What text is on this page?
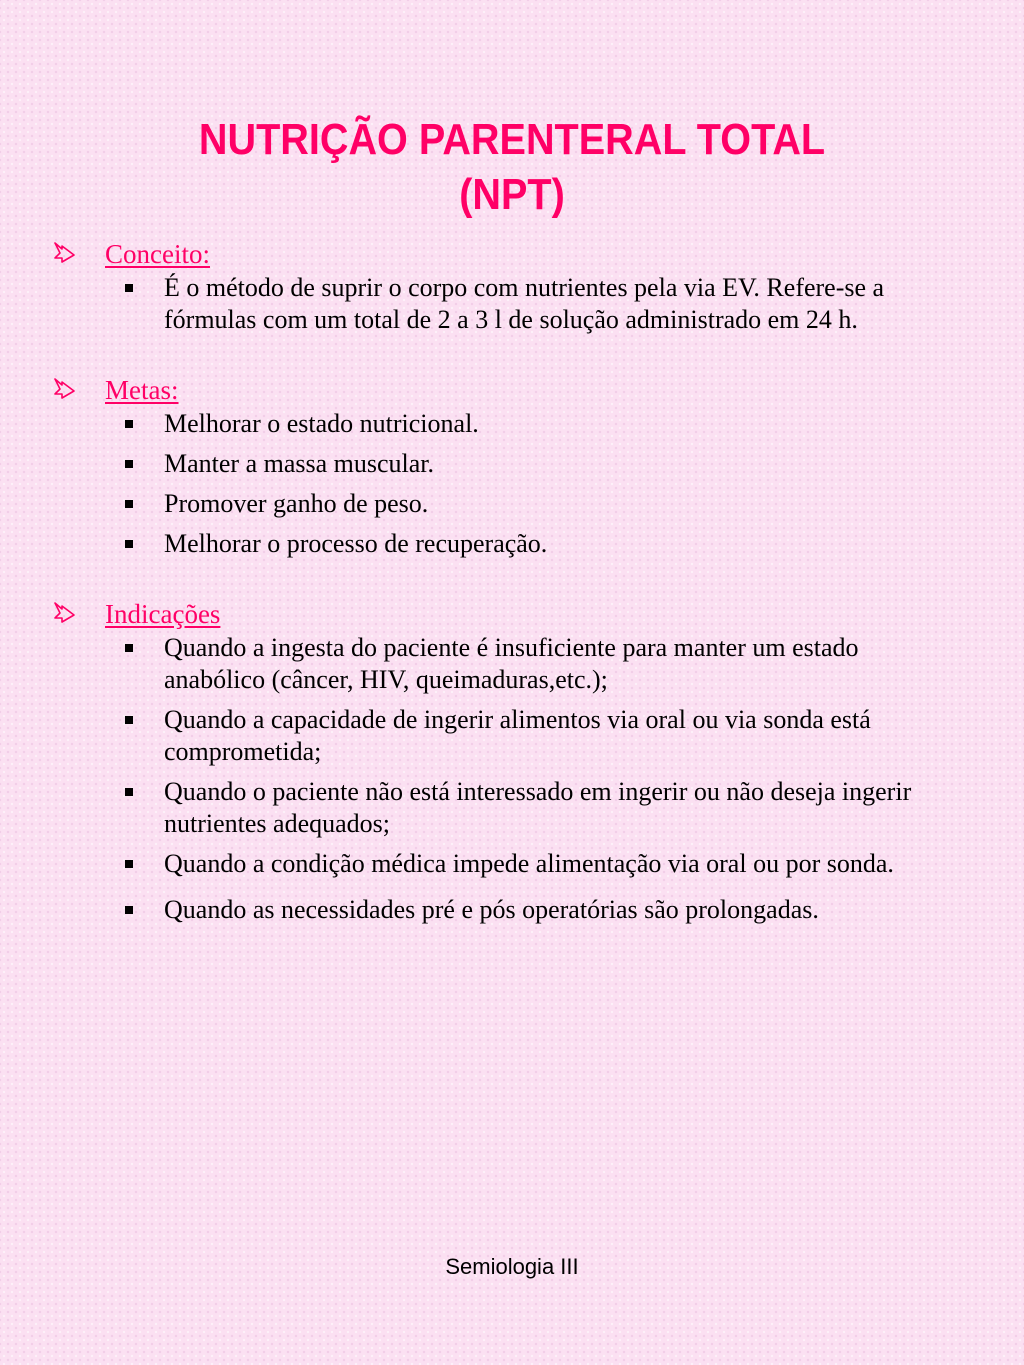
NUTRIÇÃO PARENTERAL TOTAL
(NPT)
Conceito:
É o método de suprir o corpo com nutrientes pela via EV. Refere-se a fórmulas com um total de 2 a 3 l de solução administrado em 24 h.
Metas:
Melhorar o estado nutricional.
Manter a massa muscular.
Promover ganho de peso.
Melhorar o processo de recuperação.
Indicações
Quando a ingesta do paciente é insuficiente para manter um estado anabólico (câncer, HIV, queimaduras,etc.);
Quando a capacidade de ingerir alimentos via oral ou via sonda está comprometida;
Quando o paciente não está interessado em ingerir ou não deseja ingerir nutrientes adequados;
Quando a condição médica impede alimentação via oral ou por sonda.
Quando as necessidades pré e pós operatórias são prolongadas.
Semiologia III
